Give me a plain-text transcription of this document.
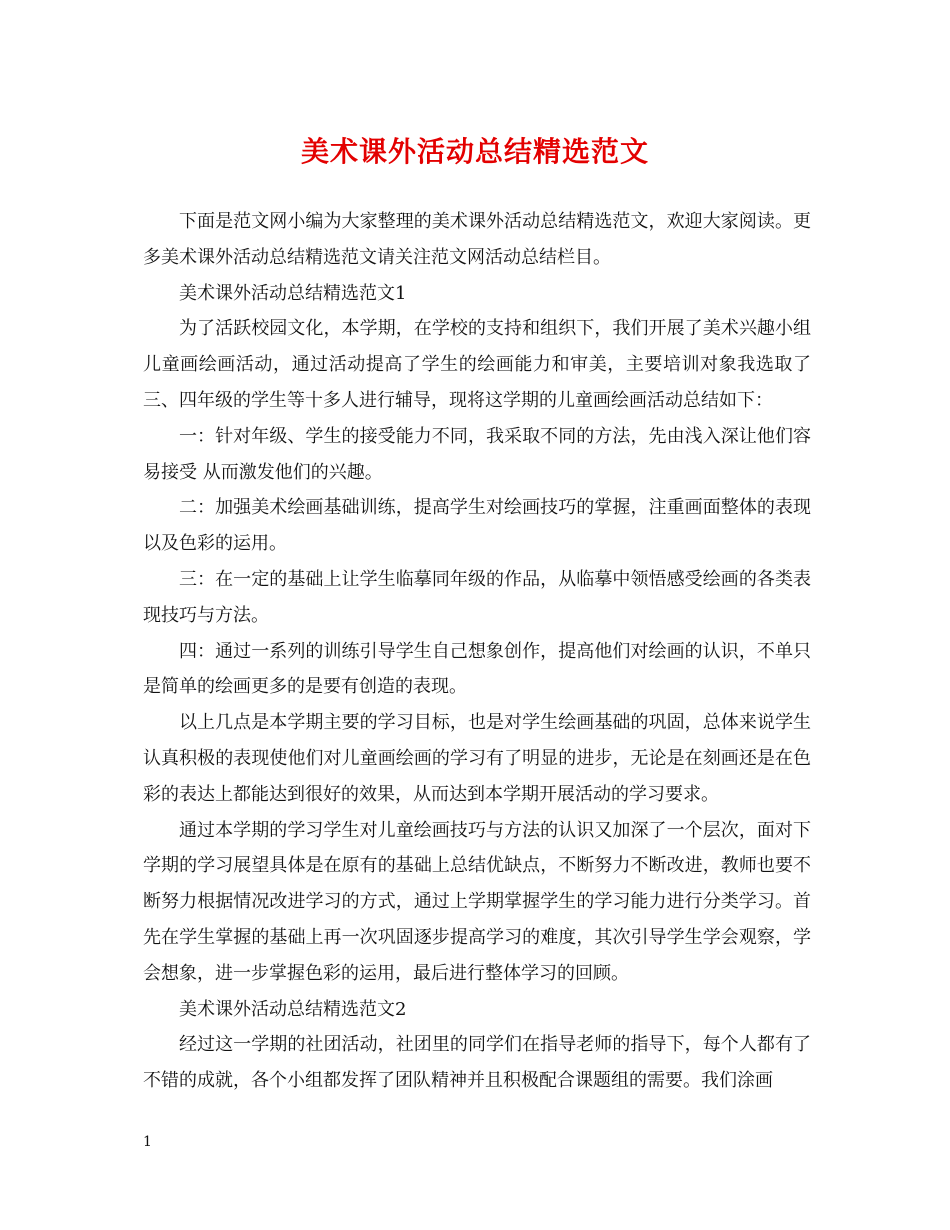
美术课外活动总结精选范文

下面是范文网小编为大家整理的美术课外活动总结精选范文，欢迎大家阅读。更多美术课外活动总结精选范文请关注范文网活动总结栏目。

美术课外活动总结精选范文1

为了活跃校园文化，本学期，在学校的支持和组织下，我们开展了美术兴趣小组儿童画绘画活动，通过活动提高了学生的绘画能力和审美，主要培训对象我选取了三、四年级的学生等十多人进行辅导，现将这学期的儿童画绘画活动总结如下：

一：针对年级、学生的接受能力不同，我采取不同的方法，先由浅入深让他们容易接受 从而激发他们的兴趣。

二：加强美术绘画基础训练，提高学生对绘画技巧的掌握，注重画面整体的表现以及色彩的运用。

三：在一定的基础上让学生临摹同年级的作品，从临摹中领悟感受绘画的各类表现技巧与方法。

四：通过一系列的训练引导学生自己想象创作，提高他们对绘画的认识，不单只是简单的绘画更多的是要有创造的表现。

以上几点是本学期主要的学习目标，也是对学生绘画基础的巩固，总体来说学生认真积极的表现使他们对儿童画绘画的学习有了明显的进步，无论是在刻画还是在色彩的表达上都能达到很好的效果，从而达到本学期开展活动的学习要求。

通过本学期的学习学生对儿童绘画技巧与方法的认识又加深了一个层次，面对下学期的学习展望具体是在原有的基础上总结优缺点，不断努力不断改进，教师也要不断努力根据情况改进学习的方式，通过上学期掌握学生的学习能力进行分类学习。首先在学生掌握的基础上再一次巩固逐步提高学习的难度，其次引导学生学会观察，学会想象，进一步掌握色彩的运用，最后进行整体学习的回顾。

美术课外活动总结精选范文2

经过这一学期的社团活动，社团里的同学们在指导老师的指导下，每个人都有了不错的成就，各个小组都发挥了团队精神并且积极配合课题组的需要。我们涂画

1
